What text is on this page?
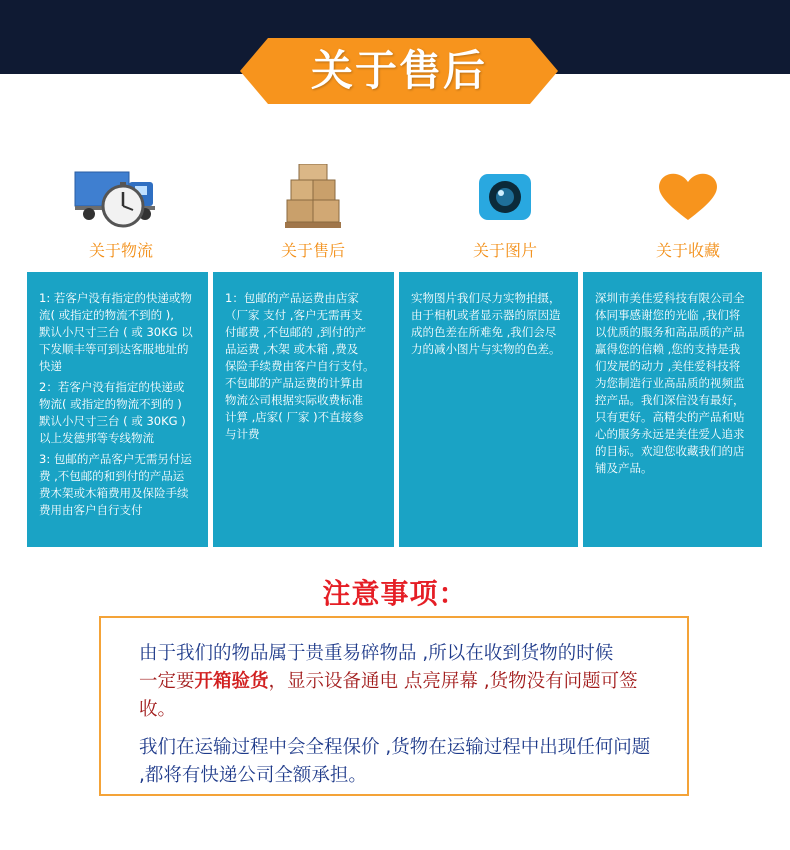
关于售后
关于物流	关于售后	关于图片	关于收藏

1: 若客户没有指定的快递或物
流( 或指定的物流不到的 ),
默认小尺寸三台 ( 或 30KG 以
下发顺丰等可到达客服地址的
快递

2：若客户没有指定的快递或
物流( 或指定的物流不到的 )
默认小尺寸三台 ( 或 30KG )
以上发德邦等专线物流

3: 包邮的产品客户无需另付运
费 ,不包邮的和到付的产品运
费木架或木箱费用及保险手续
费用由客户自行支付

1：包邮的产品运费由店家
（厂家 支付 ,客户无需再支
付邮费 ,不包邮的 ,到付的产
品运费 ,木架 或木箱 ,费及
保险手续费由客户自行支付。
不包邮的产品运费的计算由
物流公司根据实际收费标准
计算 ,店家( 厂家 )不直接参
与计费

实物图片我们尽力实物拍摄，
由于相机或者显示器的原因造
成的色差在所难免 ,我们会尽
力的减小图片与实物的色差。

深圳市美佳爱科技有限公司全
体同事感谢您的光临 ,我们将
以优质的服务和高品质的产品
赢得您的信赖 ,您的支持是我
们发展的动力 ,美佳爱科技将
为您制造行业高品质的视频监
控产品。我们深信没有最好，
只有更好。高精尖的产品和贴
心的服务永远是美佳爱人追求
的目标。欢迎您收藏我们的店
铺及产品。

注意事项：

由于我们的物品属于贵重易碎物品 ,所以在收到货物的时候
一定要开箱验货，显示设备通电 点亮屏幕 ,货物没有问题可签收。

我们在运输过程中会全程保价 ,货物在运输过程中出现任何问题 ,都将有快递公司全额承担。
